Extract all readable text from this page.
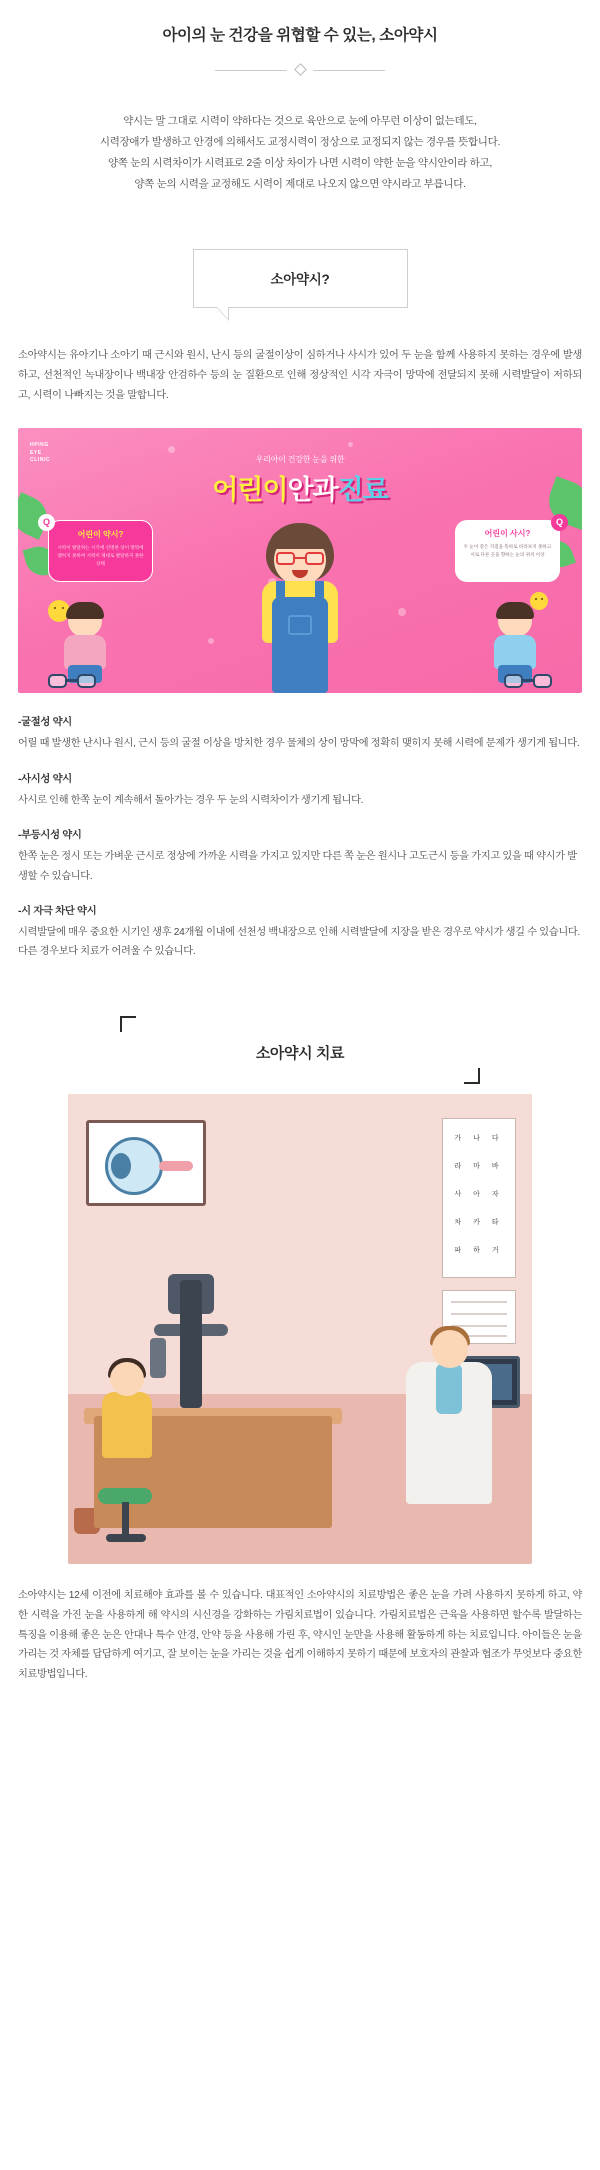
아이의 눈 건강을 위협할 수 있는, 소아약시

약시는 말 그대로 시력이 약하다는 것으로 육안으로 눈에 아무런 이상이 없는데도,

시력장애가 발생하고 안경에 의해서도 교정시력이 정상으로 교정되지 않는 경우를 뜻합니다.

양쪽 눈의 시력차이가 시력표로 2줄 이상 차이가 나면 시력이 약한 눈을 약시안이라 하고,

양쪽 눈의 시력을 교정해도 시력이 제대로 나오지 않으면 약시라고 부릅니다.

소아약시?
소아약시는 유아기나 소아기 때 근시와 원시, 난시 등의 굴절이상이 심하거나 사시가 있어 두 눈을 함께 사용하지 못하는 경우에 발생하고, 선천적인 녹내장이나 백내장 안검하수 등의 눈 질환으로 인해 정상적인 시각 자극이 망막에 전달되지 못해 시력발달이 저하되고, 시력이 나빠지는 것을 말합니다.
HPING
EYE
CLINIC	우리아이 건강한 눈을 위한
어린이안과진료
어린이 약시?
시력이 발달하는 시기에 선명한 상이 망막에 맺히지 못하여 시력이 제대로 발달하지 못한 상태
Q
어린이 사시?
두 눈이 같은 지점을 똑바로 바라보지 못하고 서로 다른 곳을 향하는 눈의 위치 이상
Q
-굴절성 약시
어릴 때 발생한 난시나 원시, 근시 등의 굴절 이상을 방치한 경우 물체의 상이 망막에 정확히 맺히지 못해 시력에 문제가 생기게 됩니다.
-사시성 약시
사시로 인해 한쪽 눈이 계속해서 돌아가는 경우 두 눈의 시력차이가 생기게 됩니다.
-부등시성 약시
한쪽 눈은 정시 또는 가벼운 근시로 정상에 가까운 시력을 가지고 있지만 다른 쪽 눈은 원시나 고도근시 등을 가지고 있을 때 약시가 발생할 수 있습니다.
-시 자극 차단 약시
시력발달에 매우 중요한 시기인 생후 24개월 이내에 선천성 백내장으로 인해 시력발달에 지장을 받은 경우로 약시가 생길 수 있습니다. 다른 경우보다 치료가 어려울 수 있습니다.
소아약시 치료
가 나 다
라 마 바
사 아 자
차 카 타
파 하 거
소아약시는 12세 이전에 치료해야 효과를 볼 수 있습니다. 대표적인 소아약시의 치료방법은 좋은 눈을 가려 사용하지 못하게 하고, 약한 시력을 가진 눈을 사용하게 해 약시의 시신경을 강화하는 가림치료법이 있습니다. 가림치료법은 근육을 사용하면 할수록 발달하는 특징을 이용해 좋은 눈은 안대나 특수 안경, 안약 등을 사용해 가린 후, 약시인 눈만을 사용해 활동하게 하는 치료입니다. 아이들은 눈을 가리는 것 자체를 답답하게 여기고, 잘 보이는 눈을 가리는 것을 쉽게 이해하지 못하기 때문에 보호자의 관찰과 협조가 무엇보다 중요한 치료방법입니다.
